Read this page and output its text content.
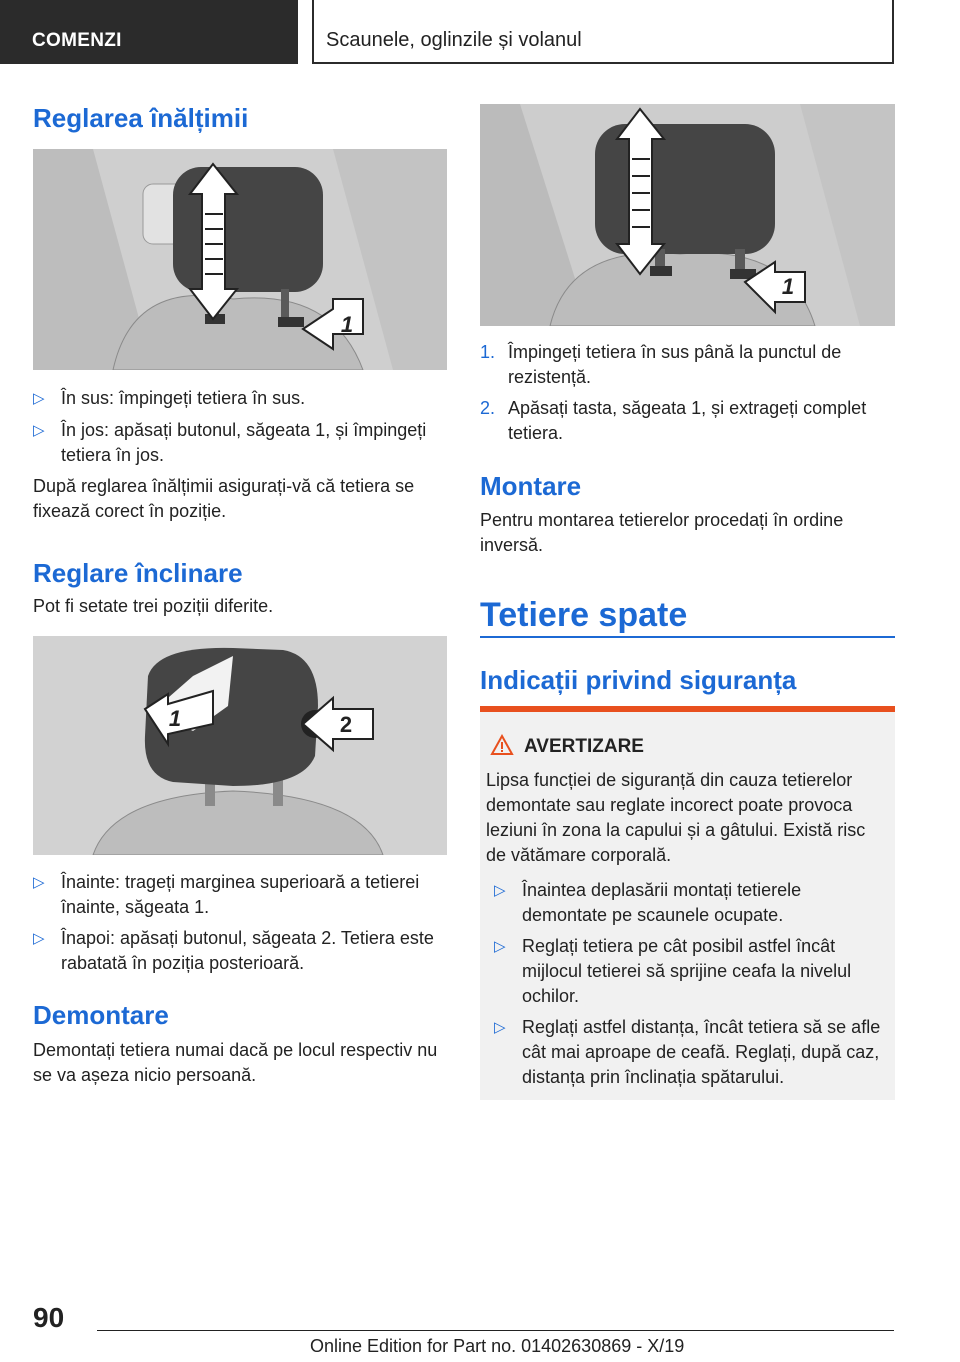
COMENZI	Scaunele, oglinzile și volanul
Reglarea înălțimii
1
▷ În sus: împingeți tetiera în sus.
▷ În jos: apăsați butonul, săgeata 1, și împingeți tetiera în jos.

După reglarea înălțimii asigurați-vă că tetiera se fixează corect în poziție.

Reglare înclinare

Pot fi setate trei poziții diferite.

1	2
▷ Înainte: trageți marginea superioară a tetierei înainte, săgeata 1.
▷ Înapoi: apăsați butonul, săgeata 2. Tetiera este rabatată în poziția posterioară.
Demontare

Demontați tetiera numai dacă pe locul respectiv nu se va așeza nicio persoană.

1
1. Împingeți tetiera în sus până la punctul de rezistență.
2. Apăsați tasta, săgeata 1, și extrageți complet tetiera.
Montare

Pentru montarea tetierelor procedați în ordine inversă.

Tetiere spate
Indicații privind siguranța
AVERTIZARE

Lipsa funcției de siguranță din cauza tetierelor demontate sau reglate incorect poate provoca leziuni în zona la capului și a gâtului. Există risc de vătămare corporală.

▷ Înaintea deplasării montați tetierele demontate pe scaunele ocupate.
▷ Reglați tetiera pe cât posibil astfel încât mijlocul tetierei să sprijine ceafa la nivelul ochilor.
▷ Reglați astfel distanța, încât tetiera să se afle cât mai aproape de ceafă. Reglați, după caz, distanța prin înclinația spătarului.
90
Online Edition for Part no. 01402630869 - X/19
